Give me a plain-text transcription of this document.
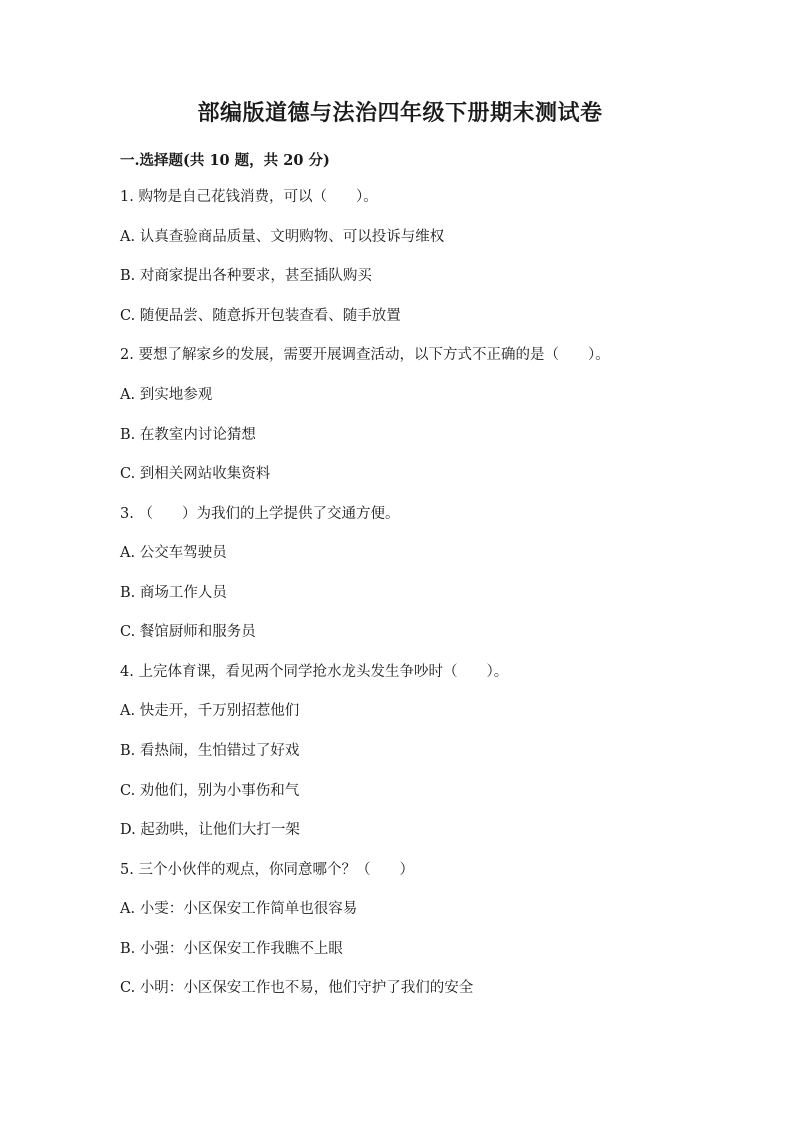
部编版道德与法治四年级下册期末测试卷
一.选择题(共 10 题，共 20 分)
1. 购物是自己花钱消费，可以（　　）。
A. 认真查验商品质量、文明购物、可以投诉与维权
B. 对商家提出各种要求，甚至插队购买
C. 随便品尝、随意拆开包装查看、随手放置
2. 要想了解家乡的发展，需要开展调查活动，以下方式不正确的是（　　）。
A. 到实地参观
B. 在教室内讨论猜想
C. 到相关网站收集资料
3. （　　）为我们的上学提供了交通方便。
A. 公交车驾驶员
B. 商场工作人员
C. 餐馆厨师和服务员
4. 上完体育课，看见两个同学抢水龙头发生争吵时（　　）。
A. 快走开，千万别招惹他们
B. 看热闹，生怕错过了好戏
C. 劝他们，别为小事伤和气
D. 起劲哄，让他们大打一架
5. 三个小伙伴的观点，你同意哪个？（　　）
A. 小雯：小区保安工作简单也很容易
B. 小强：小区保安工作我瞧不上眼
C. 小明：小区保安工作也不易，他们守护了我们的安全
